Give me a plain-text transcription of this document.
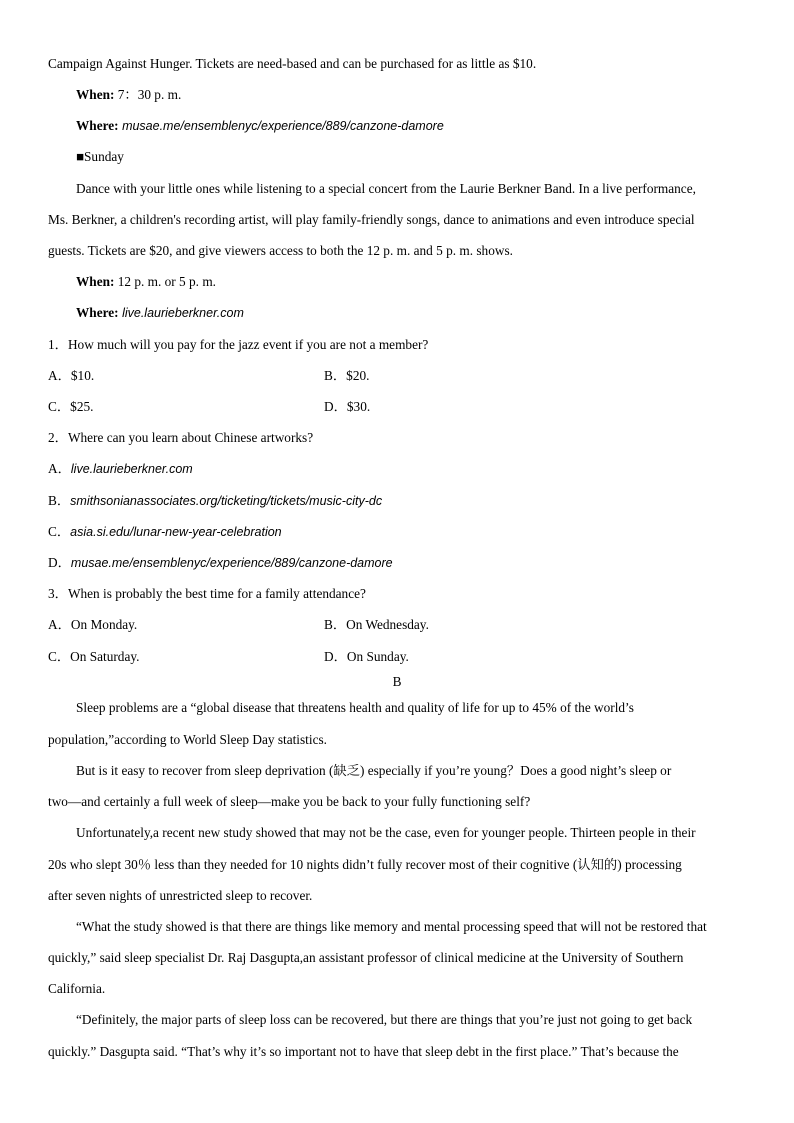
Campaign Against Hunger. Tickets are need-based and can be purchased for as little as $10.
When: 7：30 p. m.
Where: musae.me/ensemblenyc/experience/889/canzone-damore
■Sunday
Dance with your little ones while listening to a special concert from the Laurie Berkner Band. In a live performance,
Ms. Berkner, a children's recording artist, will play family-friendly songs, dance to animations and even introduce special
guests. Tickets are $20, and give viewers access to both the 12 p. m. and 5 p. m. shows.
When: 12 p. m. or 5 p. m.
Where: live.laurieberkner.com
1．How much will you pay for the jazz event if you are not a member?
A．$10.	B．$20.
C．$25.	D．$30.
2．Where can you learn about Chinese artworks?
A．live.laurieberkner.com
B．smithsonianassociates.org/ticketing/tickets/music-city-dc
C．asia.si.edu/lunar-new-year-celebration
D．musae.me/ensemblenyc/experience/889/canzone-damore
3．When is probably the best time for a family attendance?
A．On Monday.	B．On Wednesday.
C．On Saturday.	D．On Sunday.
B
Sleep problems are a “global disease that threatens health and quality of life for up to 45% of the world’s
population,”according to World Sleep Day statistics.
But is it easy to recover from sleep deprivation (缺乏) especially if you’re young？Does a good night’s sleep or
two—and certainly a full week of sleep—make you be back to your fully functioning self?
Unfortunately,a recent new study showed that may not be the case, even for younger people. Thirteen people in their
20s who slept 30％ less than they needed for 10 nights didn’t fully recover most of their cognitive (认知的) processing
after seven nights of unrestricted sleep to recover.
“What the study showed is that there are things like memory and mental processing speed that will not be restored that
quickly,” said sleep specialist Dr. Raj Dasgupta,an assistant professor of clinical medicine at the University of Southern
California.
“Definitely, the major parts of sleep loss can be recovered, but there are things that you’re just not going to get back
quickly.” Dasgupta said. “That’s why it’s so important not to have that sleep debt in the first place.” That’s because the
